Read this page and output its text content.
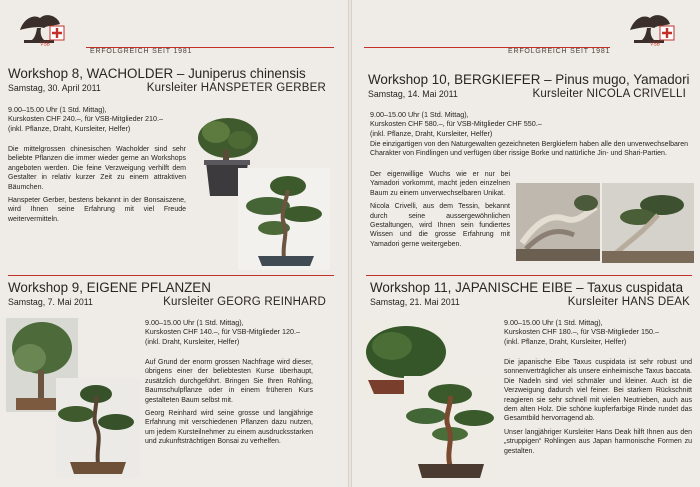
VSB
ERFOLGREICH SEIT 1981
Workshop 8, WACHOLDER – Juniperus chinensis
Samstag, 30. April 2011	Kursleiter HANSPETER GERBER
9.00–15.00 Uhr (1 Std. Mittag),
Kurskosten CHF 240.–, für VSB-Mitglieder 210.–
(inkl. Pflanze, Draht, Kursleiter, Helfer)

Die mittelgrossen chinesischen Wacholder sind sehr beliebte Pflanzen die immer wieder gerne an Workshops angeboten werden. Die feine Verzweigung verhilft dem Gestalter in relativ kurzer Zeit zu einem attraktiven Bäumchen.

Hanspeter Gerber, bestens bekannt in der Bonsaiszene, wird Ihnen seine Erfahrung mit viel Freude weitervermitteln.

Workshop 9, EIGENE PFLANZEN
Samstag, 7. Mai 2011	Kursleiter GEORG REINHARD
9.00–15.00 Uhr (1 Std. Mittag),
Kurskosten CHF 140.–, für VSB-Mitglieder 120.–
(inkl. Draht, Kursleiter, Helfer)

Auf Grund der enorm grossen Nachfrage wird dieser, übrigens einer der beliebtesten Kurse überhaupt, zusätzlich durchgeführt. Bringen Sie Ihren Rohling, Baumschulpflanze oder in einem früheren Kurs gestalteten Baum selbst mit.

Georg Reinhard wird seine grosse und langjährige Erfahrung mit verschiedenen Pflanzen dazu nutzen, um jedem Kursteilnehmer zu einem ausdrucksstarken und zukunftsträchtigen Bonsai zu verhelfen.

VSB
ERFOLGREICH SEIT 1981
Workshop 10, BERGKIEFER – Pinus mugo, Yamadori
Samstag, 14. Mai 2011	Kursleiter NICOLA CRIVELLI
9.00–15.00 Uhr (1 Std. Mittag),
Kurskosten CHF 580.–, für VSB-Mitglieder CHF 550.–
(inkl. Pflanze, Draht, Kursleiter, Helfer)

Die einzigartigen von den Naturgewalten gezeichneten Bergkiefern haben alle den unverwechselbaren Charakter von Findlingen und verfügen über rissige Borke und natürliche Jin- und Shari-Partien.

Der eigenwillige Wuchs wie er nur bei Yamadori vorkommt, macht jeden einzelnen Baum zu einem unverwechselbaren Unikat.

Nicola Crivelli, aus dem Tessin, bekannt durch seine aussergewöhnlichen Gestaltungen, wird Ihnen sein fundiertes Wissen und die grosse Erfahrung mit Yamadori gerne weitergeben.

Workshop 11, JAPANISCHE EIBE – Taxus cuspidata
Samstag, 21. Mai 2011	Kursleiter HANS DEAK
9.00–15.00 Uhr (1 Std. Mittag),
Kurskosten CHF 180.–, für VSB-Mitglieder 150.–
(inkl. Pflanze, Draht, Kursleiter, Helfer)

Die japanische Eibe Taxus cuspidata ist sehr robust und sonnenverträglicher als unsere einheimische Taxus baccata. Die Nadeln sind viel schmäler und kleiner. Auch ist die Verzweigung dadurch viel feiner. Bei starkem Rückschnitt reagieren sie sehr schnell mit vielen Neutrieben, auch aus dem alten Holz. Die schöne kupferfarbige Rinde rundet das Gesamtbild hervorragend ab.

Unser langjähriger Kursleiter Hans Deak hilft Ihnen aus den „struppigen“ Rohlingen aus Japan harmonische Formen zu gestalten.
